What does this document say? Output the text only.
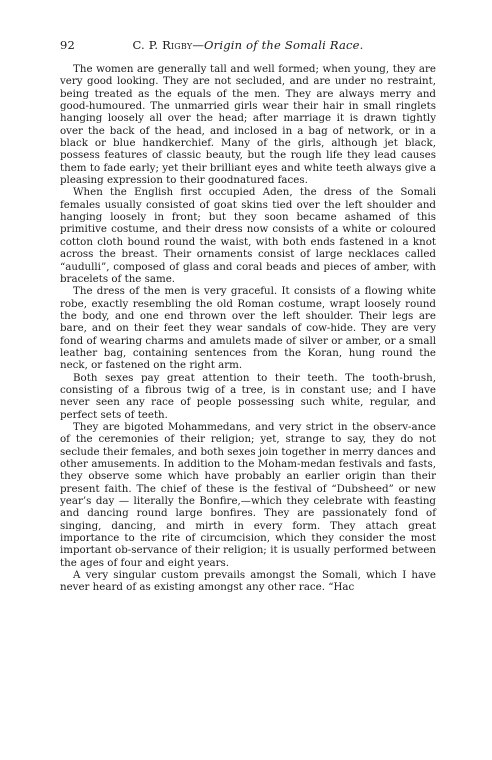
92	C. P. Rigby—Origin of the Somali Race.

The women are generally tall and well formed; when young, they are very good looking. They are not secluded, and are under no restraint, being treated as the equals of the men. They are always merry and good-humoured. The unmarried girls wear their hair in small ringlets hanging loosely all over the head; after marriage it is drawn tightly over the back of the head, and inclosed in a bag of network, or in a black or blue handkerchief. Many of the girls, although jet black, possess features of classic beauty, but the rough life they lead causes them to fade early; yet their brilliant eyes and white teeth always give a pleasing expression to their goodnatured faces.

When the English first occupied Aden, the dress of the Somali females usually consisted of goat skins tied over the left shoulder and hanging loosely in front; but they soon became ashamed of this primitive costume, and their dress now consists of a white or coloured cotton cloth bound round the waist, with both ends fastened in a knot across the breast. Their ornaments consist of large necklaces called “audulli”, composed of glass and coral beads and pieces of amber, with bracelets of the same.

The dress of the men is very graceful. It consists of a flowing white robe, exactly resembling the old Roman costume, wrapt loosely round the body, and one end thrown over the left shoulder. Their legs are bare, and on their feet they wear sandals of cow-hide. They are very fond of wearing charms and amulets made of silver or amber, or a small leather bag, containing sentences from the Koran, hung round the neck, or fastened on the right arm.

Both sexes pay great attention to their teeth. The tooth-brush, consisting of a fibrous twig of a tree, is in constant use; and I have never seen any race of people possessing such white, regular, and perfect sets of teeth.

They are bigoted Mohammedans, and very strict in the observ-ance of the ceremonies of their religion; yet, strange to say, they do not seclude their females, and both sexes join together in merry dances and other amusements. In addition to the Moham-medan festivals and fasts, they observe some which have probably an earlier origin than their present faith. The chief of these is the festival of “Dubsheed” or new year’s day — literally the Bonfire,—which they celebrate with feasting and dancing round large bonfires. They are passionately fond of singing, dancing, and mirth in every form. They attach great importance to the rite of circumcision, which they consider the most important ob-servance of their religion; it is usually performed between the ages of four and eight years.

A very singular custom prevails amongst the Somali, which I have never heard of as existing amongst any other race. “Hac
